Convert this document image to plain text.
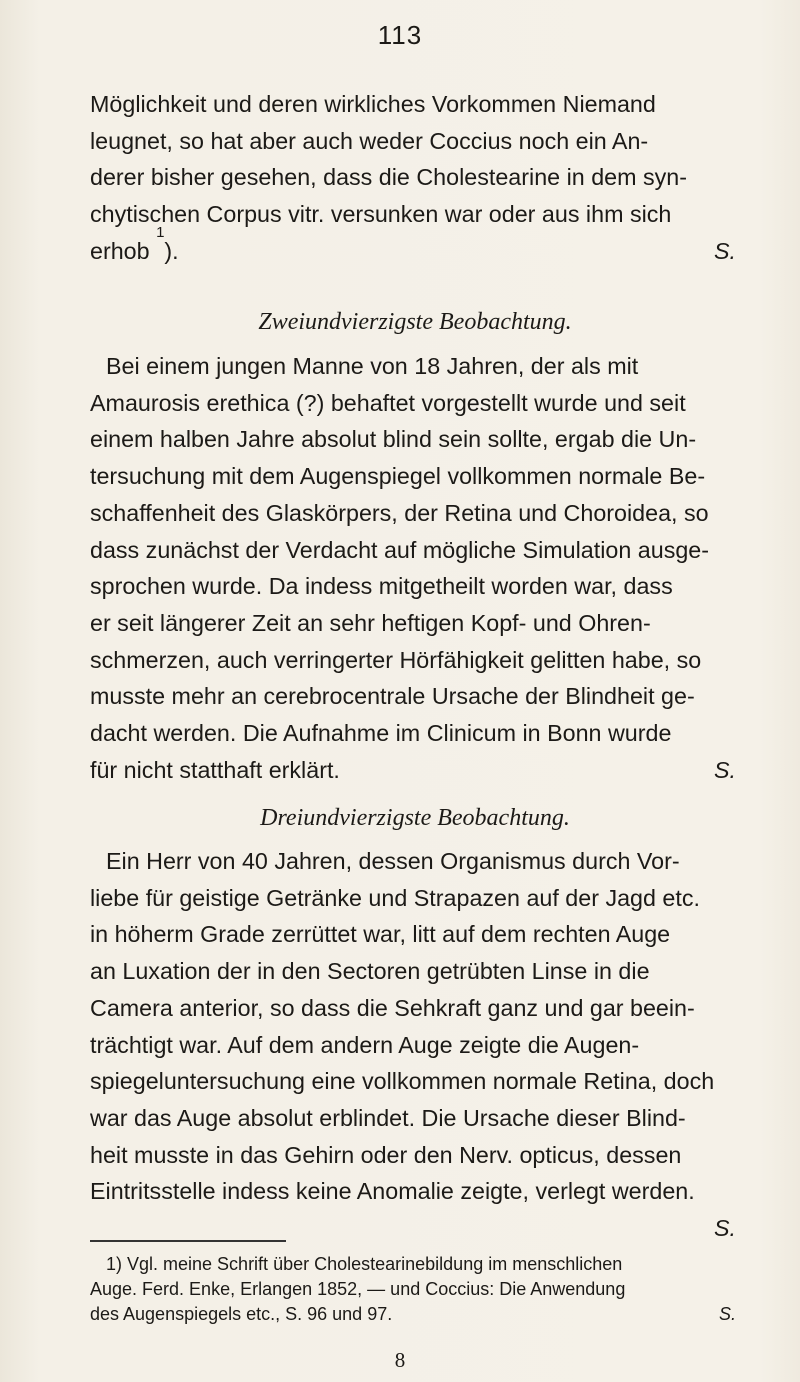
113
Möglichkeit und deren wirkliches Vorkommen Niemand
leugnet, so hat aber auch weder Coccius noch ein An-
derer bisher gesehen, dass die Cholestearine in dem syn-
chytischen Corpus vitr. versunken war oder aus ihm sich
erhob

1
).	S.
Zweiundvierzigste Beobachtung.
Bei einem jungen Manne von 18 Jahren, der als mit
Amaurosis erethica (?) behaftet vorgestellt wurde und seit
einem halben Jahre absolut blind sein sollte, ergab die Un-
tersuchung mit dem Augenspiegel vollkommen normale Be-
schaffenheit des Glaskörpers, der Retina und Choroidea, so
dass zunächst der Verdacht auf mögliche Simulation ausge-
sprochen wurde. Da indess mitgetheilt worden war, dass
er seit längerer Zeit an sehr heftigen Kopf- und Ohren-
schmerzen, auch verringerter Hörfähigkeit gelitten habe, so
musste mehr an cerebrocentrale Ursache der Blindheit ge-
dacht werden. Die Aufnahme im Clinicum in Bonn wurde
für nicht statthaft erklärt.	S.
Dreiundvierzigste Beobachtung.
Ein Herr von 40 Jahren, dessen Organismus durch Vor-
liebe für geistige Getränke und Strapazen auf der Jagd etc.
in höherm Grade zerrüttet war, litt auf dem rechten Auge
an Luxation der in den Sectoren getrübten Linse in die
Camera anterior, so dass die Sehkraft ganz und gar beein-
trächtigt war. Auf dem andern Auge zeigte die Augen-
spiegeluntersuchung eine vollkommen normale Retina, doch
war das Auge absolut erblindet. Die Ursache dieser Blind-
heit musste in das Gehirn oder den Nerv. opticus, dessen
Eintritsstelle indess keine Anomalie zeigte, verlegt werden.
S.
1) Vgl. meine Schrift über Cholestearinebildung im menschlichen
Auge. Ferd. Enke, Erlangen 1852, — und Coccius: Die Anwendung
des Augenspiegels etc., S. 96 und 97.	S.
8
